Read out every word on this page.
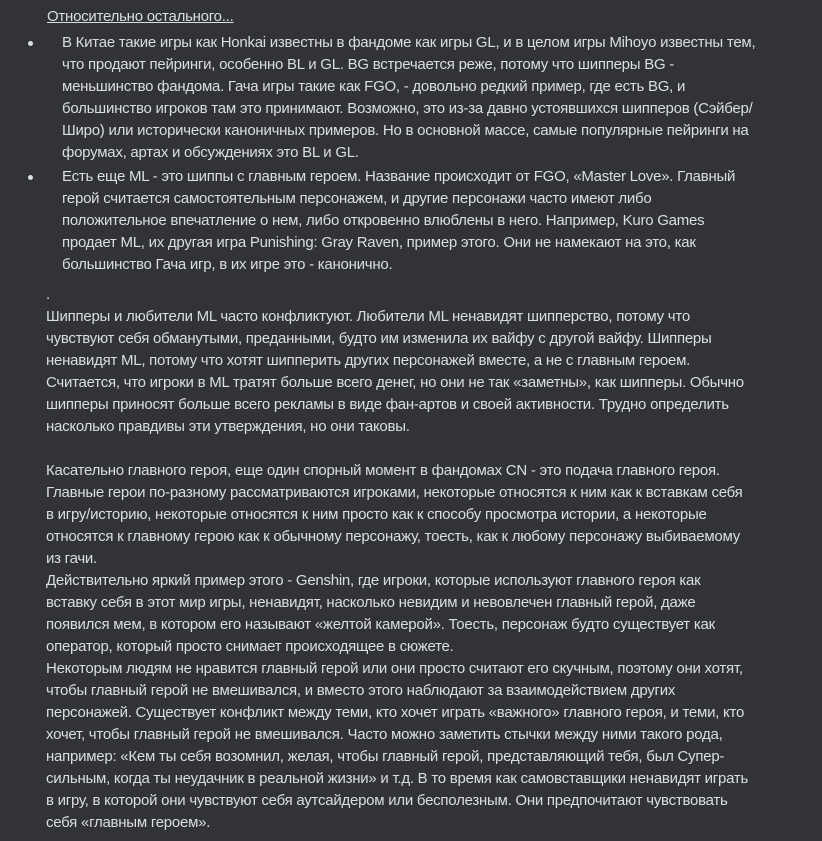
Относительно остального...
В Китае такие игры как Honkai известны в фандоме как игры GL, и в целом игры Mihoyo известны тем,
что продают пейринги, особенно BL и GL. BG встречается реже, потому что шипперы BG -
меньшинство фандома. Гача игры такие как FGO, - довольно редкий пример, где есть BG, и
большинство игроков там это принимают. Возможно, это из-за давно устоявшихся шипперов (Сэйбер/
Широ) или исторически каноничных примеров. Но в основной массе, самые популярные пейринги на
форумах, артах и обсуждениях это BL и GL.
Есть еще ML - это шиппы с главным героем. Название происходит от FGO, «Master Love». Главный
герой считается самостоятельным персонажем, и другие персонажи часто имеют либо
положительное впечатление о нем, либо откровенно влюблены в него. Например, Kuro Games
продает ML, их другая игра Punishing: Gray Raven, пример этого. Они не намекают на это, как
большинство Гача игр, в их игре это - канонично.
.
Шипперы и любители ML часто конфликтуют. Любители ML ненавидят шипперство, потому что
чувствуют себя обманутыми, преданными, будто им изменила их вайфу с другой вайфу. Шипперы
ненавидят ML, потому что хотят шипперить других персонажей вместе, а не с главным героем.
Считается, что игроки в ML тратят больше всего денег, но они не так «заметны», как шипперы. Обычно
шипперы приносят больше всего рекламы в виде фан-артов и своей активности. Трудно определить
насколько правдивы эти утверждения, но они таковы.
Касательно главного героя, еще один спорный момент в фандомах CN - это подача главного героя.
Главные герои по-разному рассматриваются игроками, некоторые относятся к ним как к вставкам себя
в игру/историю, некоторые относятся к ним просто как к способу просмотра истории, а некоторые
относятся к главному герою как к обычному персонажу, тоесть, как к любому персонажу выбиваемому
из гачи.
Действительно яркий пример этого - Genshin, где игроки, которые используют главного героя как
вставку себя в этот мир игры, ненавидят, насколько невидим и невовлечен главный герой, даже
появился мем, в котором его называют «желтой камерой». Тоесть, персонаж будто существует как
оператор, который просто снимает происходящее в сюжете.
Некоторым людям не нравится главный герой или они просто считают его скучным, поэтому они хотят,
чтобы главный герой не вмешивался, и вместо этого наблюдают за взаимодействием других
персонажей. Существует конфликт между теми, кто хочет играть «важного» главного героя, и теми, кто
хочет, чтобы главный герой не вмешивался. Часто можно заметить стычки между ними такого рода,
например: «Кем ты себя возомнил, желая, чтобы главный герой, представляющий тебя, был Супер-
сильным, когда ты неудачник в реальной жизни» и т.д. В то время как самовставщики ненавидят играть
в игру, в которой они чувствуют себя аутсайдером или бесполезным. Они предпочитают чувствовать
себя «главным героем».
